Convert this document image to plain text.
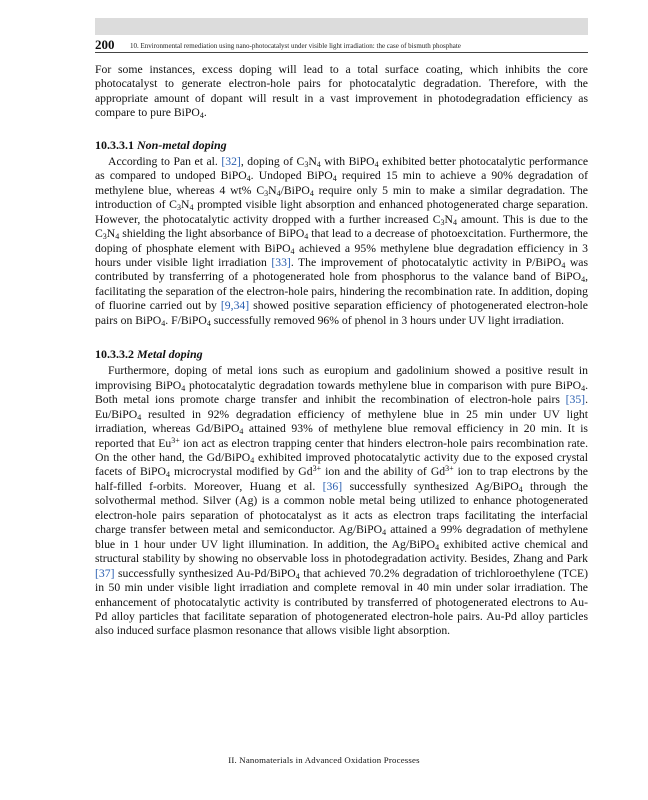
200 10. Environmental remediation using nano-photocatalyst under visible light irradiation: the case of bismuth phosphate

For some instances, excess doping will lead to a total surface coating, which inhibits the core photocatalyst to generate electron-hole pairs for photocatalytic degradation. Therefore, with the appropriate amount of dopant will result in a vast improvement in photodegradation efficiency as compare to pure BiPO$_4$.

10.3.3.1 Non-metal doping

According to Pan et al. [32], doping of $C_3N_4$ with BiPO$_4$ exhibited better photocatalytic performance as compared to undoped BiPO$_4$. Undoped BiPO$_4$ required 15 min to achieve a 90% degradation of methylene blue, whereas 4 wt% $C_3N_4/BiPO_4$ require only 5 min to make a similar degradation. The introduction of $C_3N_4$ prompted visible light absorption and enhanced photogenerated charge separation. However, the photocatalytic activity dropped with a further increased $C_3N_4$ amount. This is due to the $C_3N_4$ shielding the light absorbance of BiPO$_4$ that lead to a decrease of photoexcitation. Furthermore, the doping of phosphate element with BiPO$_4$ achieved a 95% methylene blue degradation efficiency in 3 hours under visible light irradiation [33]. The improvement of photocatalytic activity in P/BiPO$_4$ was contributed by transferring of a photogenerated hole from phosphorus to the valance band of BiPO$_4$, facilitating the separation of the electron-hole pairs, hindering the recombination rate. In addition, doping of fluorine carried out by [9,34] showed positive separation efficiency of photogenerated electron-hole pairs on BiPO$_4$. F/BiPO$_4$ successfully removed 96% of phenol in 3 hours under UV light irradiation.

10.3.3.2 Metal doping

Furthermore, doping of metal ions such as europium and gadolinium showed a positive result in improvising BiPO$_4$ photocatalytic degradation towards methylene blue in comparison with pure BiPO$_4$. Both metal ions promote charge transfer and inhibit the recombination of electron-hole pairs [35]. Eu/BiPO$_4$ resulted in 92% degradation efficiency of methylene blue in 25 min under UV light irradiation, whereas Gd/BiPO$_4$ attained 93% of methylene blue removal efficiency in 20 min. It is reported that $Eu^{3+}$ ion act as electron trapping center that hinders electron-hole pairs recombination rate. On the other hand, the Gd/BiPO$_4$ exhibited improved photocatalytic activity due to the exposed crystal facets of BiPO$_4$ microcrystal modified by $Gd^{3+}$ ion and the ability of $Gd^{3+}$ ion to trap electrons by the half-filled f-orbits. Moreover, Huang et al. [36] successfully synthesized Ag/BiPO$_4$ through the solvothermal method. Silver (Ag) is a common noble metal being utilized to enhance photogenerated electron-hole pairs separation of photocatalyst as it acts as electron traps facilitating the interfacial charge transfer between metal and semiconductor. Ag/BiPO$_4$ attained a 99% degradation of methylene blue in 1 hour under UV light illumination. In addition, the Ag/BiPO$_4$ exhibited active chemical and structural stability by showing no observable loss in photodegradation activity. Besides, Zhang and Park [37] successfully synthesized Au-Pd/BiPO$_4$ that achieved 70.2% degradation of trichloroethylene (TCE) in 50 min under visible light irradiation and complete removal in 40 min under solar irradiation. The enhancement of photocatalytic activity is contributed by transferred of photogenerated electrons to Au-Pd alloy particles that facilitate separation of photogenerated electron-hole pairs. Au-Pd alloy particles also induced surface plasmon resonance that allows visible light absorption.

II. Nanomaterials in Advanced Oxidation Processes
